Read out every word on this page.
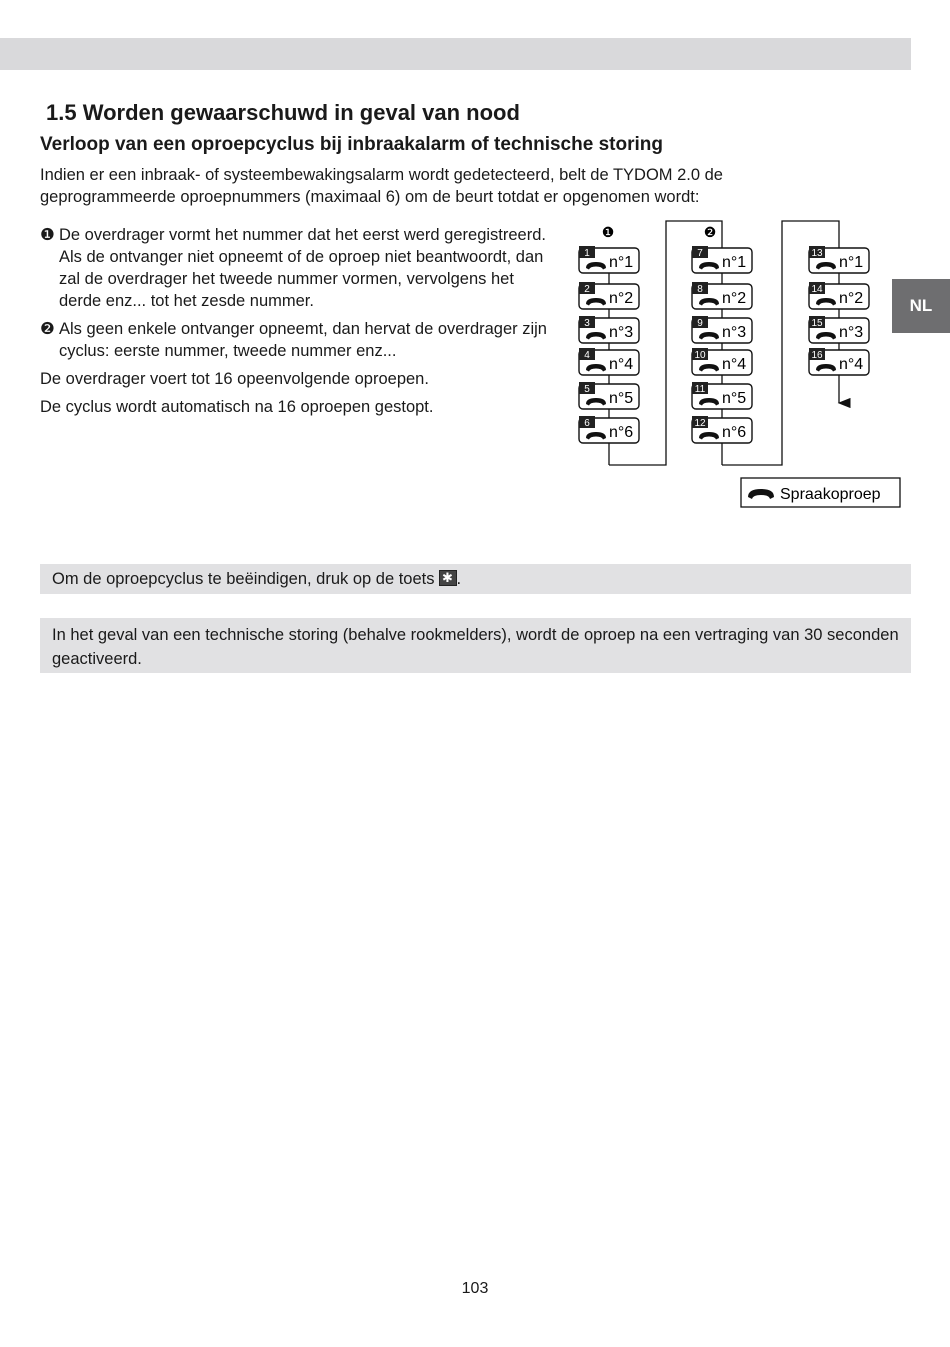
NL
1.5 Worden gewaarschuwd in geval van nood
Verloop van een oproepcyclus bij inbraakalarm of technische storing

Indien er een inbraak- of systeembewakingsalarm wordt gedetecteerd, belt de TYDOM 2.0 de geprogrammeerde oproepnummers (maximaal 6) om de beurt totdat er opgenomen wordt:

❶ De overdrager vormt het nummer dat het eerst werd geregistreerd. Als de ontvanger niet opneemt of de oproep niet beantwoordt, dan zal de overdrager het tweede nummer vormen, vervolgens het derde enz... tot het zesde nummer.
❷ Als geen enkele ontvanger opneemt, dan hervat de overdrager zijn cyclus: eerste nummer, tweede nummer enz...

De overdrager voert tot 16 opeenvolgende oproepen.

De cyclus wordt automatisch na 16 oproepen gestopt.

1
n°1
2
n°2
3
n°3
4
n°4
5
n°5
6
n°6
7
n°1
8
n°2
9
n°3
10
n°4
11
n°5
12
n°6
13
n°1
14
n°2
15
n°3
16
n°4
❶	❷
Spraakoproep
Om de oproepcyclus te beëindigen, druk op de toets ✱ .
In het geval van een technische storing (behalve rookmelders), wordt de oproep na een vertraging van 30 seconden geactiveerd.
103
